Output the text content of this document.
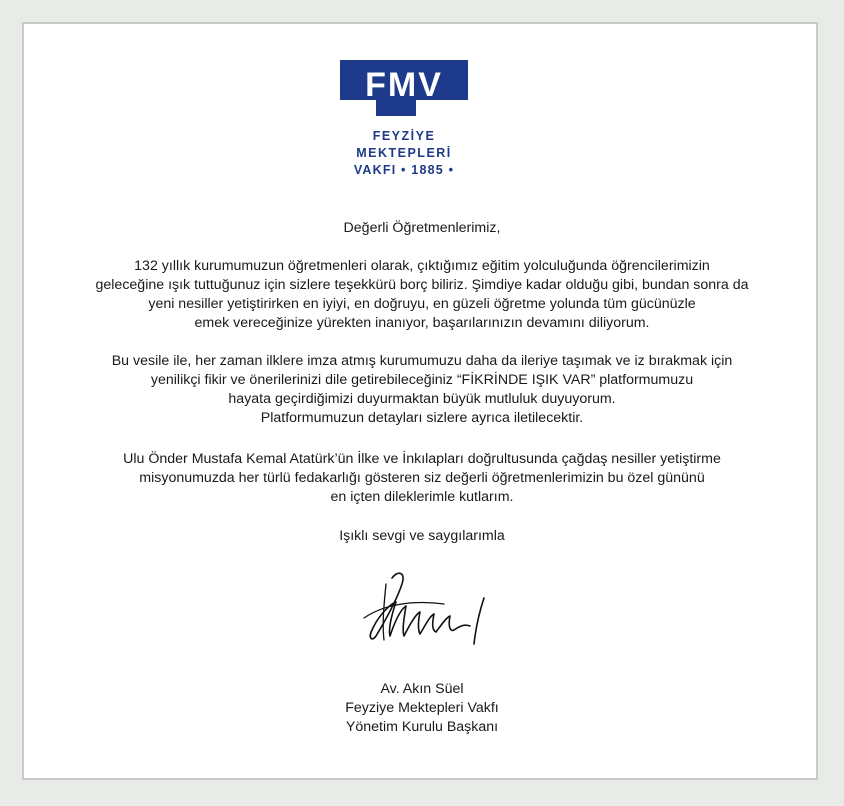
FMV
FEYZİYE
MEKTEPLERİ
VAKFI • 1885 •
Değerli Öğretmenlerimiz,
132 yıllık kurumumuzun öğretmenleri olarak, çıktığımız eğitim yolculuğunda öğrencilerimizin
geleceğine ışık tuttuğunuz için sizlere teşekkürü borç biliriz. Şimdiye kadar olduğu gibi, bundan sonra da
yeni nesiller yetiştirirken en iyiyi, en doğruyu, en güzeli öğretme yolunda tüm gücünüzle
emek vereceğinize yürekten inanıyor, başarılarınızın devamını diliyorum.
Bu vesile ile, her zaman ilklere imza atmış kurumumuzu daha da ileriye taşımak ve iz bırakmak için
yenilikçi fikir ve önerilerinizi dile getirebileceğiniz “FİKRİNDE IŞIK VAR” platformumuzu
hayata geçirdiğimizi duyurmaktan büyük mutluluk duyuyorum.
Platformumuzun detayları sizlere ayrıca iletilecektir.
Ulu Önder Mustafa Kemal Atatürk’ün İlke ve İnkılapları doğrultusunda çağdaş nesiller yetiştirme
misyonumuzda her türlü fedakarlığı gösteren siz değerli öğretmenlerimizin bu özel gününü
en içten dileklerimle kutlarım.
Işıklı sevgi ve saygılarımla
Av. Akın Süel
Feyziye Mektepleri Vakfı
Yönetim Kurulu Başkanı
